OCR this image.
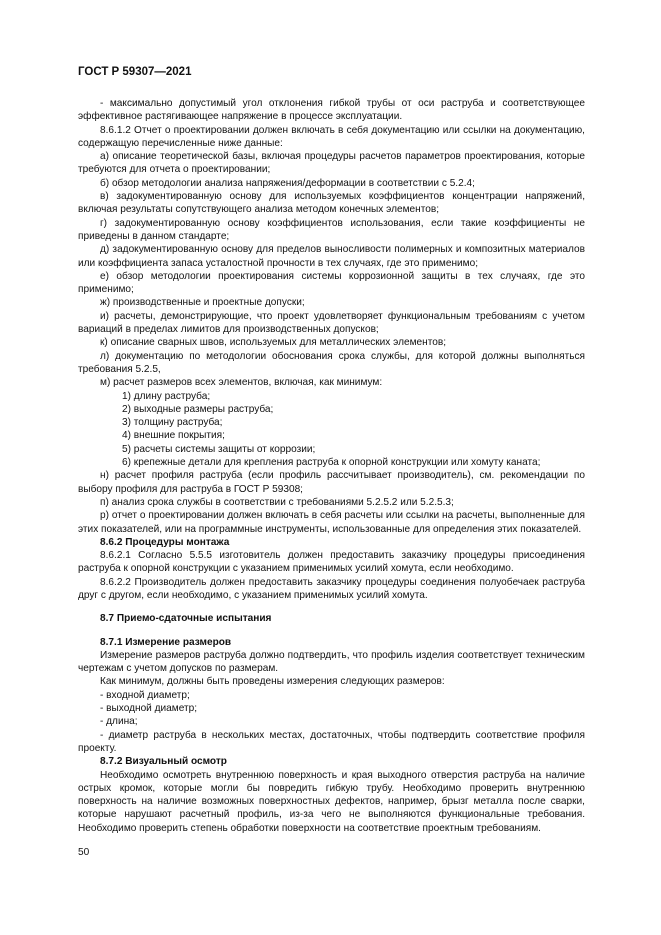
ГОСТ Р 59307—2021

- максимально допустимый угол отклонения гибкой трубы от оси раструба и соответствующее эффективное растягивающее напряжение в процессе эксплуатации.

8.6.1.2 Отчет о проектировании должен включать в себя документацию или ссылки на документацию, содержащую перечисленные ниже данные:

а) описание теоретической базы, включая процедуры расчетов параметров проектирования, которые требуются для отчета о проектировании;

б) обзор методологии анализа напряжения/деформации в соответствии с 5.2.4;

в) задокументированную основу для используемых коэффициентов концентрации напряжений, включая результаты сопутствующего анализа методом конечных элементов;

г) задокументированную основу коэффициентов использования, если такие коэффициенты не приведены в данном стандарте;

д) задокументированную основу для пределов выносливости полимерных и композитных материалов или коэффициента запаса усталостной прочности в тех случаях, где это применимо;

е) обзор методологии проектирования системы коррозионной защиты в тех случаях, где это применимо;

ж) производственные и проектные допуски;

и) расчеты, демонстрирующие, что проект удовлетворяет функциональным требованиям с учетом вариаций в пределах лимитов для производственных допусков;

к) описание сварных швов, используемых для металлических элементов;

л) документацию по методологии обоснования срока службы, для которой должны выполняться требования 5.2.5,

м) расчет размеров всех элементов, включая, как минимум:

1) длину раструба;

2) выходные размеры раструба;

3) толщину раструба;

4) внешние покрытия;

5) расчеты системы защиты от коррозии;

6) крепежные детали для крепления раструба к опорной конструкции или хомуту каната;

н) расчет профиля раструба (если профиль рассчитывает производитель), см. рекомендации по выбору профиля для раструба в ГОСТ Р 59308;

п) анализ срока службы в соответствии с требованиями 5.2.5.2 или 5.2.5.3;

р) отчет о проектировании должен включать в себя расчеты или ссылки на расчеты, выполненные для этих показателей, или на программные инструменты, использованные для определения этих показателей.

8.6.2 Процедуры монтажа

8.6.2.1 Согласно 5.5.5 изготовитель должен предоставить заказчику процедуры присоединения раструба к опорной конструкции с указанием применимых усилий хомута, если необходимо.

8.6.2.2 Производитель должен предоставить заказчику процедуры соединения полуобечаек раструба друг с другом, если необходимо, с указанием применимых усилий хомута.

8.7 Приемо-сдаточные испытания

8.7.1 Измерение размеров

Измерение размеров раструба должно подтвердить, что профиль изделия соответствует техническим чертежам с учетом допусков по размерам.

Как минимум, должны быть проведены измерения следующих размеров:

- входной диаметр;

- выходной диаметр;

- длина;

- диаметр раструба в нескольких местах, достаточных, чтобы подтвердить соответствие профиля проекту.

8.7.2 Визуальный осмотр

Необходимо осмотреть внутреннюю поверхность и края выходного отверстия раструба на наличие острых кромок, которые могли бы повредить гибкую трубу. Необходимо проверить внутреннюю поверхность на наличие возможных поверхностных дефектов, например, брызг металла после сварки, которые нарушают расчетный профиль, из-за чего не выполняются функциональные требования. Необходимо проверить степень обработки поверхности на соответствие проектным требованиям.

50
